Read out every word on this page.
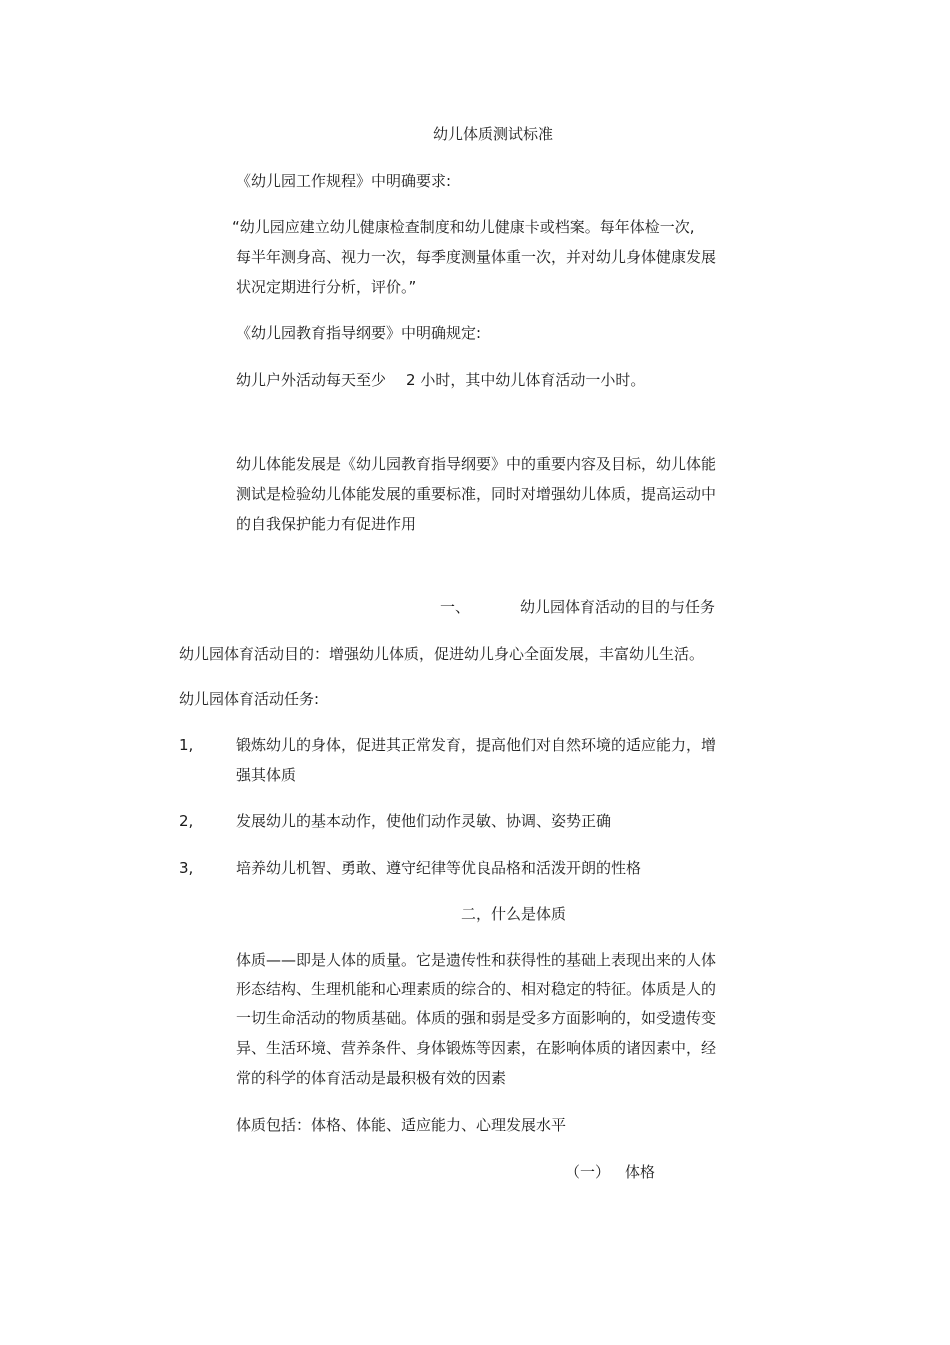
幼儿体质测试标准
《幼儿园工作规程》中明确要求:
“幼儿园应建立幼儿健康检查制度和幼儿健康卡或档案。每年体检一次,
每半年测身高、视力一次，每季度测量体重一次，并对幼儿身体健康发展
状况定期进行分析，评价。”
《幼儿园教育指导纲要》中明确规定:
幼儿户外活动每天至少 2 小时，其中幼儿体育活动一小时。
幼儿体能发展是《幼儿园教育指导纲要》中的重要内容及目标，幼儿体能
测试是检验幼儿体能发展的重要标准，同时对增强幼儿体质，提高运动中
的自我保护能力有促进作用
一、	幼儿园体育活动的目的与任务
幼儿园体育活动目的：增强幼儿体质，促进幼儿身心全面发展，丰富幼儿生活。
幼儿园体育活动任务:
1,	锻炼幼儿的身体，促进其正常发育，提高他们对自然环境的适应能力，增
强其体质
2,	发展幼儿的基本动作，使他们动作灵敏、协调、姿势正确
3,	培养幼儿机智、勇敢、遵守纪律等优良品格和活泼开朗的性格
二，什么是体质
体质——即是人体的质量。它是遗传性和获得性的基础上表现出来的人体
形态结构、生理机能和心理素质的综合的、相对稳定的特征。体质是人的
一切生命活动的物质基础。体质的强和弱是受多方面影响的，如受遗传变
异、生活环境、营养条件、身体锻炼等因素，在影响体质的诸因素中，经
常的科学的体育活动是最积极有效的因素
体质包括：体格、体能、适应能力、心理发展水平
（一） 体格
